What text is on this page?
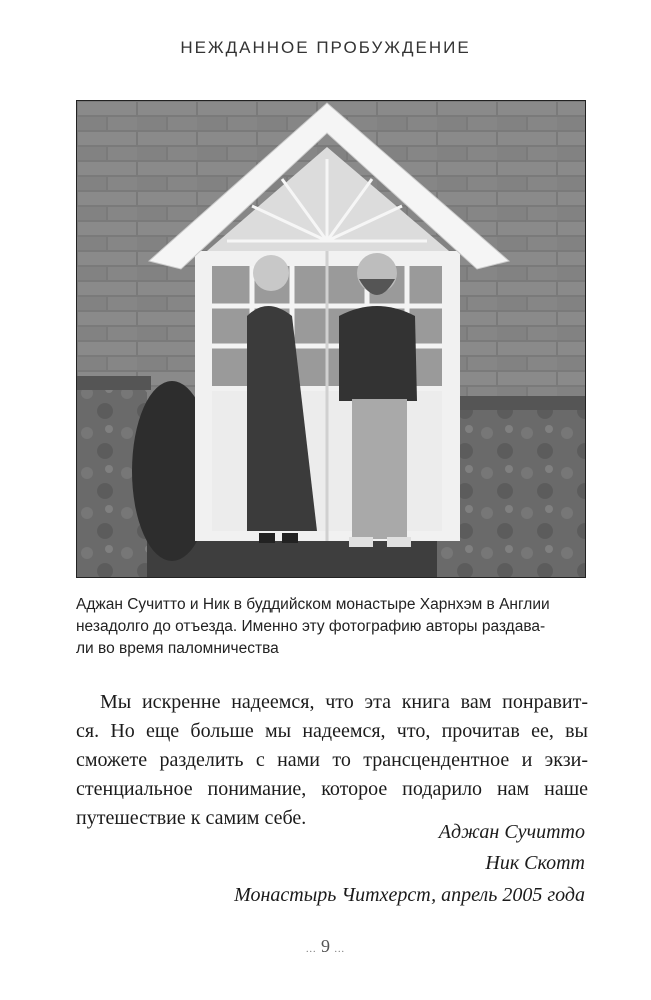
НЕЖДАННОЕ ПРОБУЖДЕНИЕ
Аджан Сучитто и Ник в буддийском монастыре Харнхэм в Англии
незадолго до отъезда. Именно эту фотографию авторы раздава-
ли во время паломничества
Мы искренне надеемся, что эта книга вам понравит-
ся. Но еще больше мы надеемся, что, прочитав ее, вы
сможете разделить с нами то трансцендентное и экзи-
стенциальное понимание, которое подарило нам наше
путешествие к самим себе.
Аджан Сучитто
Ник Скотт
Монастырь Читхерст, апрель 2005 года
... 9 ...
